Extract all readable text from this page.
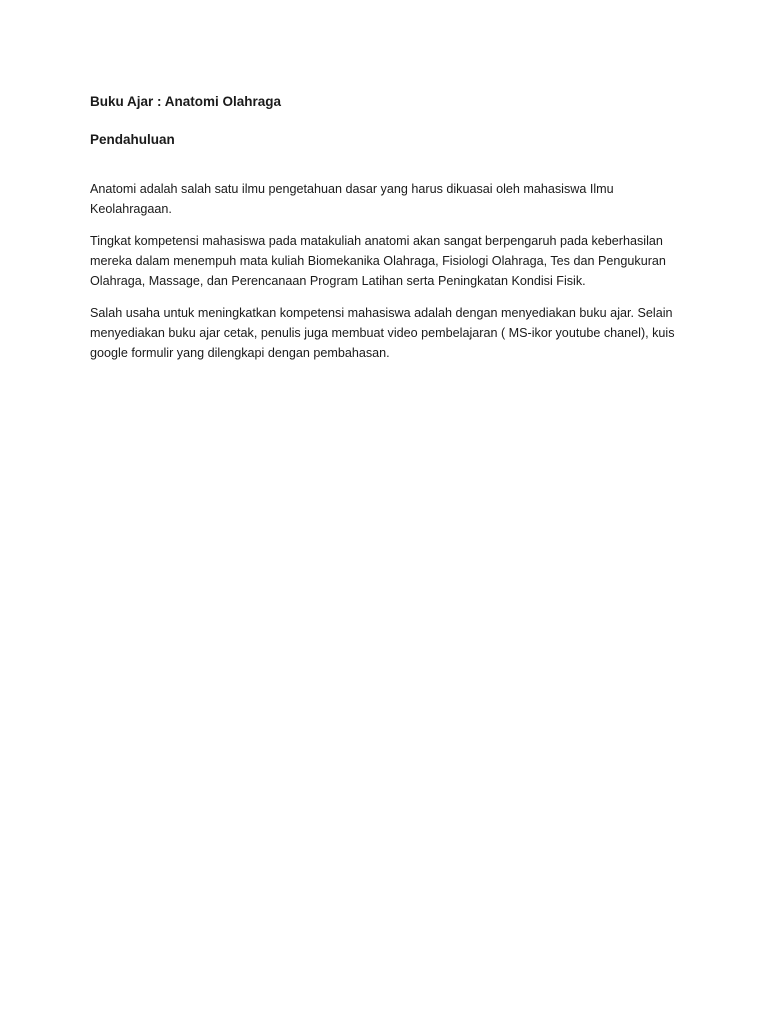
Buku Ajar : Anatomi Olahraga

Pendahuluan

Anatomi adalah salah satu ilmu pengetahuan dasar yang harus dikuasai oleh mahasiswa Ilmu Keolahragaan.

Tingkat kompetensi mahasiswa pada matakuliah anatomi akan sangat berpengaruh pada keberhasilan mereka dalam menempuh mata kuliah Biomekanika Olahraga, Fisiologi Olahraga, Tes dan Pengukuran Olahraga, Massage, dan Perencanaan Program Latihan serta Peningkatan Kondisi Fisik.

Salah usaha untuk meningkatkan kompetensi mahasiswa adalah dengan menyediakan buku ajar. Selain menyediakan buku ajar cetak, penulis juga membuat video pembelajaran ( MS-ikor youtube chanel), kuis google formulir yang dilengkapi dengan pembahasan.
